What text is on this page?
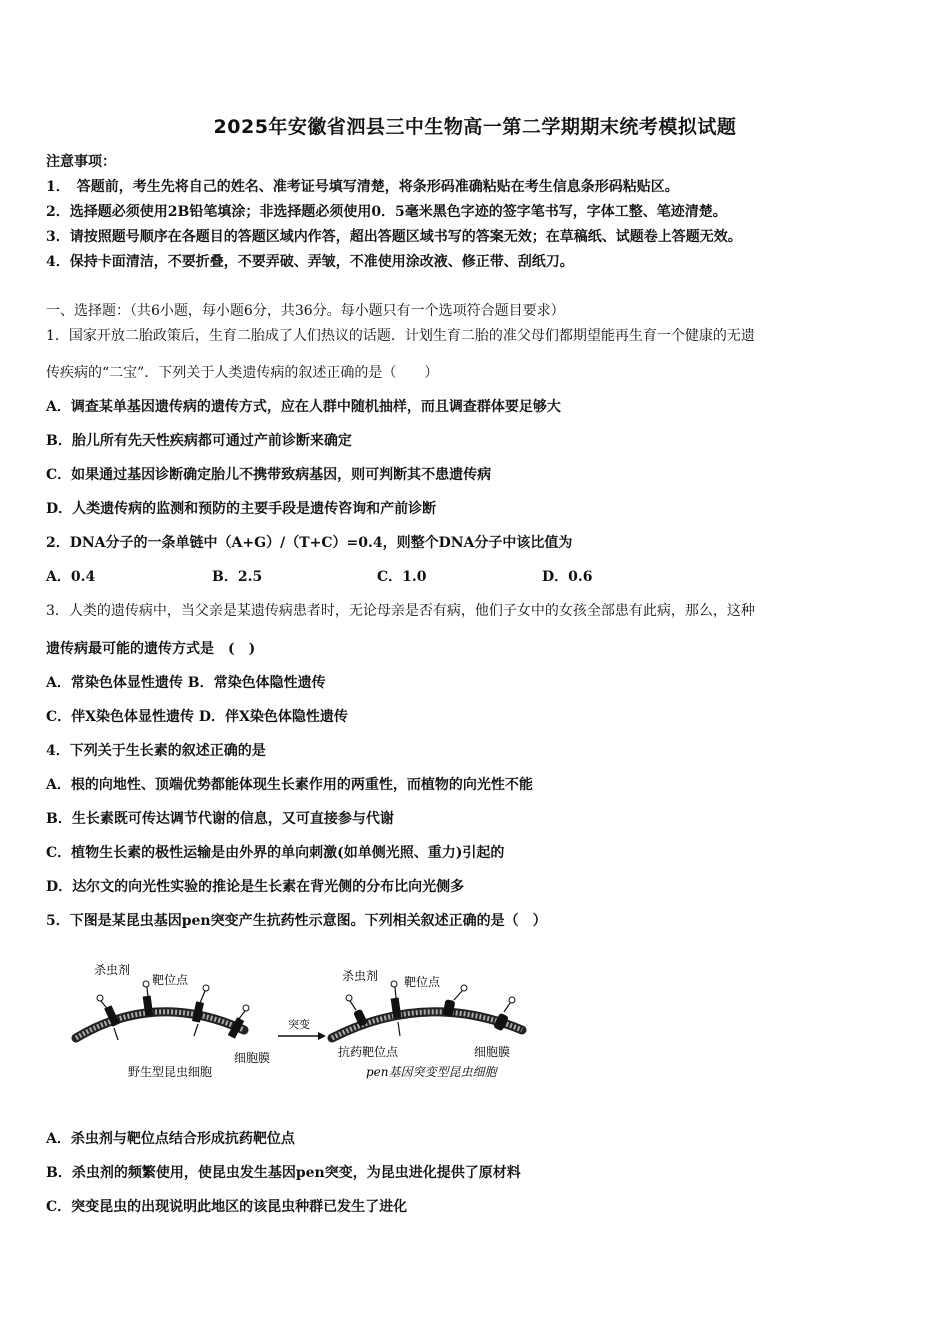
2025年安徽省泗县三中生物高一第二学期期末统考模拟试题
注意事项：
1．　答题前，考生先将自己的姓名、准考证号填写清楚，将条形码准确粘贴在考生信息条形码粘贴区。
2．选择题必须使用2B铅笔填涂；非选择题必须使用0．5毫米黑色字迹的签字笔书写，字体工整、笔迹清楚。
3．请按照题号顺序在各题目的答题区域内作答，超出答题区域书写的答案无效；在草稿纸、试题卷上答题无效。
4．保持卡面清洁，不要折叠，不要弄破、弄皱，不准使用涂改液、修正带、刮纸刀。
一、选择题：（共6小题，每小题6分，共36分。每小题只有一个选项符合题目要求）
1．国家开放二胎政策后，生育二胎成了人们热议的话题．计划生育二胎的准父母们都期望能再生育一个健康的无遗
传疾病的“二宝”．下列关于人类遗传病的叙述正确的是（　　）
A．调查某单基因遗传病的遗传方式，应在人群中随机抽样，而且调查群体要足够大
B．胎儿所有先天性疾病都可通过产前诊断来确定
C．如果通过基因诊断确定胎儿不携带致病基因，则可判断其不患遗传病
D．人类遗传病的监测和预防的主要手段是遗传咨询和产前诊断
2．DNA分子的一条单链中（A+G）/（T+C）=0.4，则整个DNA分子中该比值为
A．0.4	B．2.5	C．1.0	D．0.6
3．人类的遗传病中，当父亲是某遗传病患者时，无论母亲是否有病，他们子女中的女孩全部患有此病，那么，这种
遗传病最可能的遗传方式是　(　)
A．常染色体显性遗传 B．常染色体隐性遗传
C．伴X染色体显性遗传 D．伴X染色体隐性遗传
4．下列关于生长素的叙述正确的是
A．根的向地性、顶端优势都能体现生长素作用的两重性，而植物的向光性不能
B．生长素既可传达调节代谢的信息，又可直接参与代谢
C．植物生长素的极性运输是由外界的单向刺激(如单侧光照、重力)引起的
D．达尔文的向光性实验的推论是生长素在背光侧的分布比向光侧多
5．下图是某昆虫基因pen突变产生抗药性示意图。下列相关叙述正确的是（　）
杀虫剂
靶位点
细胞膜
野生型昆虫细胞
突变
杀虫剂 靶位点
抗药靶位点	细胞膜
pen基因突变型昆虫细胞
A．杀虫剂与靶位点结合形成抗药靶位点
B．杀虫剂的频繁使用，使昆虫发生基因pen突变，为昆虫进化提供了原材料
C．突变昆虫的出现说明此地区的该昆虫种群已发生了进化
